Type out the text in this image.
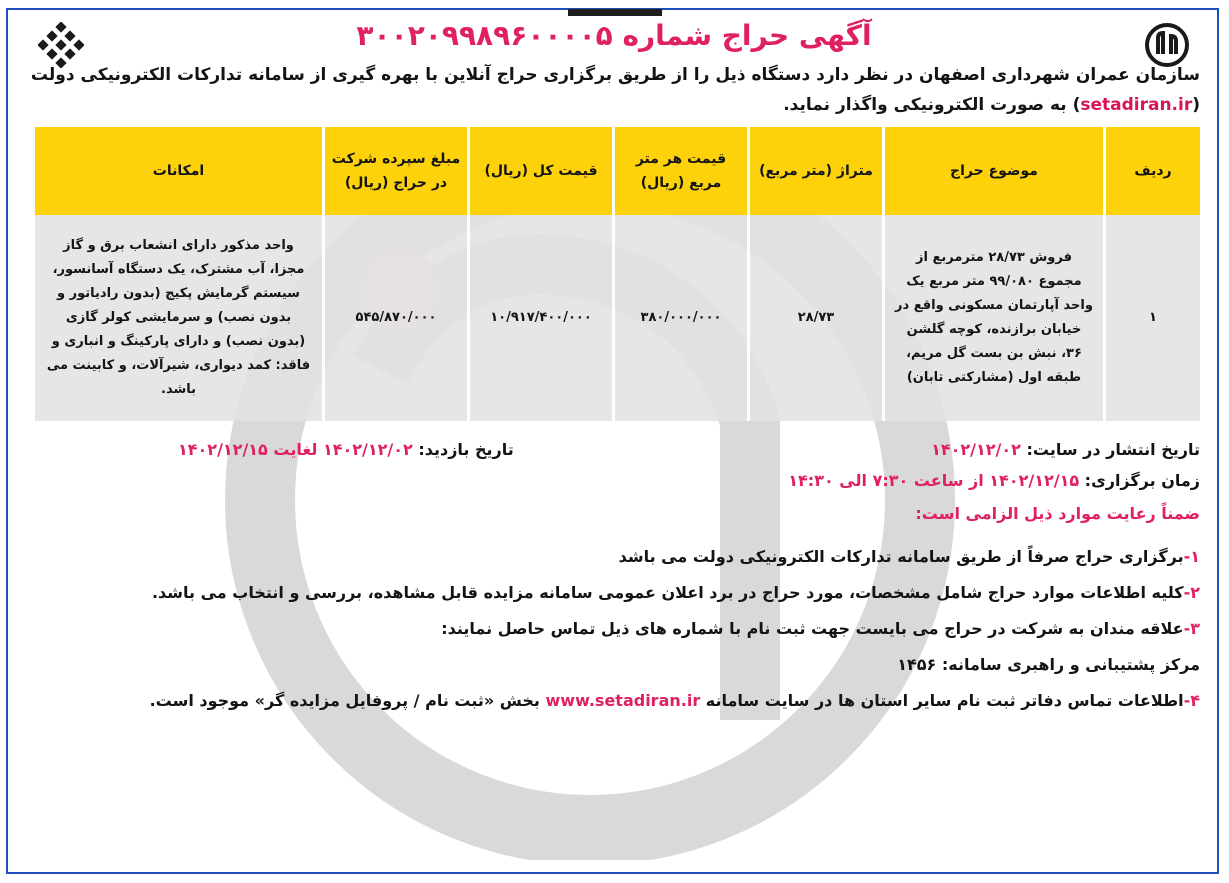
آگهی حراج شماره ۳۰۰۲۰۹۹۸۹۶۰۰۰۰۵
سازمان عمران شهرداری اصفهان در نظر دارد دستگاه ذیل را از طریق برگزاری حراج آنلاین با بهره گیری از سامانه تدارکات الکترونیکی دولت (setadiran.ir) به صورت الکترونیکی واگذار نماید.
ردیف	موضوع حراج	متراژ (متر مربع)	قیمت هر متر مربع (ریال)	قیمت کل (ریال)	مبلغ سپرده شرکت در حراج (ریال)	امکانات
۱	فروش ۲۸/۷۳ مترمربع از مجموع ۹۹/۰۸۰ متر مربع یک واحد آپارتمان مسکونی واقع در خیابان برازنده، کوچه گلشن ۳۶، نبش بن بست گل مریم، طبقه اول (مشارکتی تابان)	۲۸/۷۳	۳۸۰/۰۰۰/۰۰۰	۱۰/۹۱۷/۴۰۰/۰۰۰	۵۴۵/۸۷۰/۰۰۰	واحد مذکور دارای انشعاب برق و گاز مجزا، آب مشترک، یک دستگاه آسانسور، سیستم گرمایش پکیج (بدون رادیاتور و بدون نصب) و سرمایشی کولر گازی (بدون نصب) و دارای پارکینگ و انباری و فاقد: کمد دیواری، شیرآلات، و کابینت می باشد.
تاریخ انتشار در سایت: ۱۴۰۲/۱۲/۰۲
تاریخ بازدید: ۱۴۰۲/۱۲/۰۲ لغایت ۱۴۰۲/۱۲/۱۵
زمان برگزاری: ۱۴۰۲/۱۲/۱۵ از ساعت ۷:۳۰ الی ۱۴:۳۰
ضمناً رعایت موارد ذیل الزامی است:
۱-برگزاری حراج صرفاً از طریق سامانه تدارکات الکترونیکی دولت می باشد
۲-کلیه اطلاعات موارد حراج شامل مشخصات، مورد حراج در برد اعلان عمومی سامانه مزایده قابل مشاهده، بررسی و انتخاب می باشد.
۳-علاقه مندان به شرکت در حراج می بایست جهت ثبت نام با شماره های ذیل تماس حاصل نمایند:
مرکز پشتیبانی و راهبری سامانه: ۱۴۵۶
۴-اطلاعات تماس دفاتر ثبت نام سایر استان ها در سایت سامانه www.setadiran.ir بخش «ثبت نام / پروفایل مزایده گر» موجود است.
